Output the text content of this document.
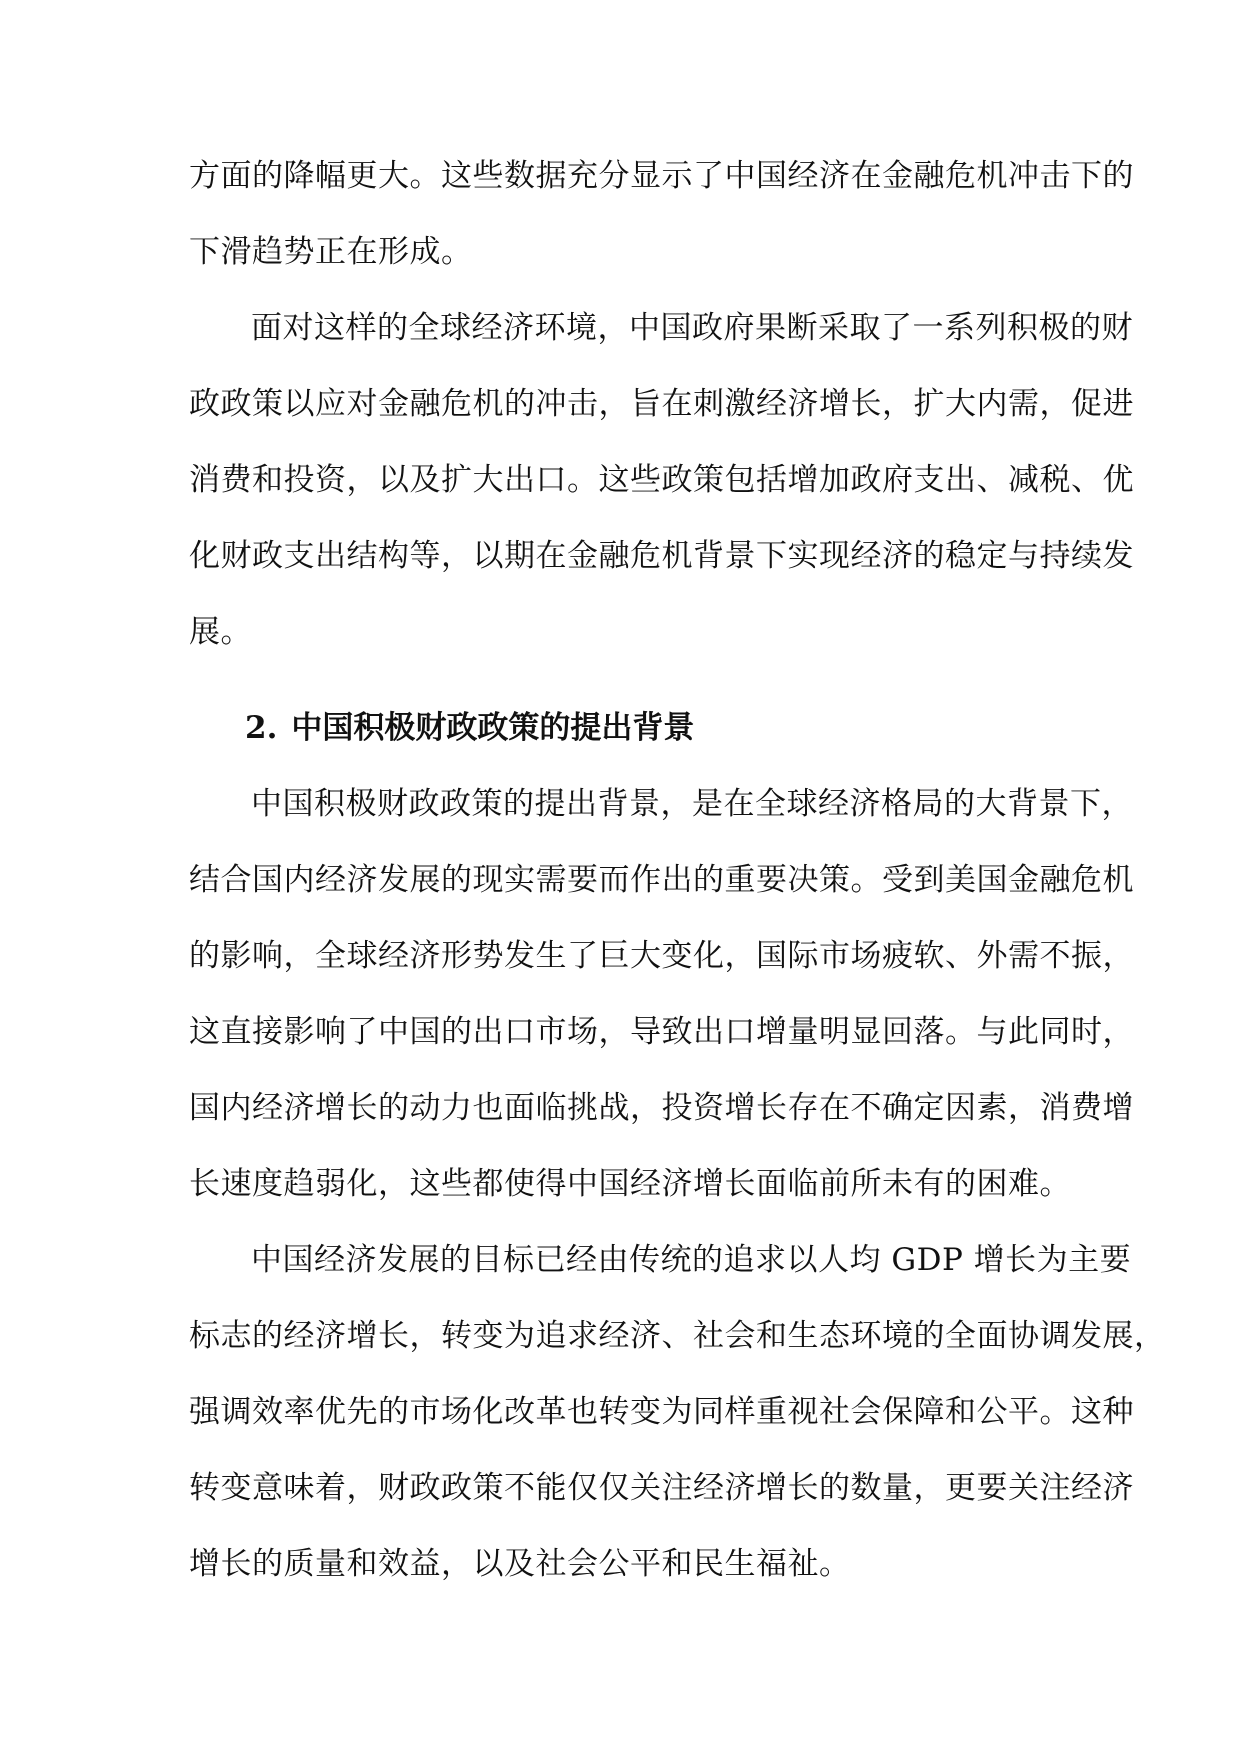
方面的降幅更大。这些数据充分显示了中国经济在金融危机冲击下的
下滑趋势正在形成。
面对这样的全球经济环境，中国政府果断采取了一系列积极的财
政政策以应对金融危机的冲击，旨在刺激经济增长，扩大内需，促进
消费和投资，以及扩大出口。这些政策包括增加政府支出、减税、优
化财政支出结构等，以期在金融危机背景下实现经济的稳定与持续发
展。
2. 中国积极财政政策的提出背景
中国积极财政政策的提出背景，是在全球经济格局的大背景下，
结合国内经济发展的现实需要而作出的重要决策。受到美国金融危机
的影响，全球经济形势发生了巨大变化，国际市场疲软、外需不振，
这直接影响了中国的出口市场，导致出口增量明显回落。与此同时，
国内经济增长的动力也面临挑战，投资增长存在不确定因素，消费增
长速度趋弱化，这些都使得中国经济增长面临前所未有的困难。
中国经济发展的目标已经由传统的追求以人均 GDP 增长为主要
标志的经济增长，转变为追求经济、社会和生态环境的全面协调发展，
强调效率优先的市场化改革也转变为同样重视社会保障和公平。这种
转变意味着，财政政策不能仅仅关注经济增长的数量，更要关注经济
增长的质量和效益，以及社会公平和民生福祉。
